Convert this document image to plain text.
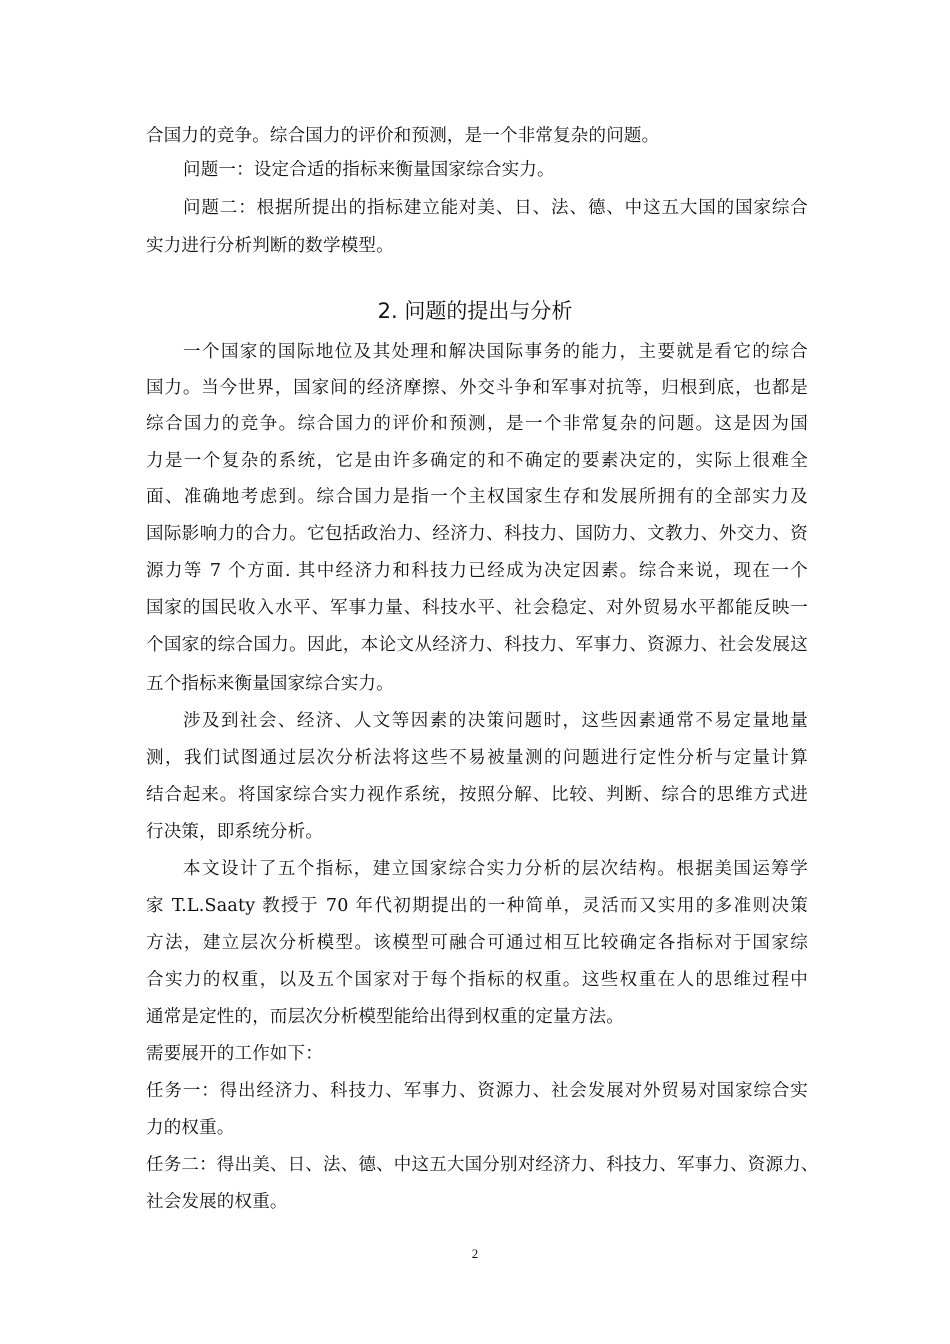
合国力的竞争。综合国力的评价和预测，是一个非常复杂的问题。
问题一：设定合适的指标来衡量国家综合实力。
问题二：根据所提出的指标建立能对美、日、法、德、中这五大国的国家综合
实力进行分析判断的数学模型。
2. 问题的提出与分析
一个国家的国际地位及其处理和解决国际事务的能力，主要就是看它的综合
国力。当今世界，国家间的经济摩擦、外交斗争和军事对抗等，归根到底，也都是
综合国力的竞争。综合国力的评价和预测，是一个非常复杂的问题。这是因为国
力是一个复杂的系统，它是由许多确定的和不确定的要素决定的，实际上很难全
面、准确地考虑到。综合国力是指一个主权国家生存和发展所拥有的全部实力及
国际影响力的合力。它包括政治力、经济力、科技力、国防力、文教力、外交力、资
源力等 7 个方面. 其中经济力和科技力已经成为决定因素。综合来说，现在一个
国家的国民收入水平、军事力量、科技水平、社会稳定、对外贸易水平都能反映一
个国家的综合国力。因此，本论文从经济力、科技力、军事力、资源力、社会发展这
五个指标来衡量国家综合实力。
涉及到社会、经济、人文等因素的决策问题时，这些因素通常不易定量地量
测，我们试图通过层次分析法将这些不易被量测的问题进行定性分析与定量计算
结合起来。将国家综合实力视作系统，按照分解、比较、判断、综合的思维方式进
行决策，即系统分析。
本文设计了五个指标，建立国家综合实力分析的层次结构。根据美国运筹学
家 T.L.Saaty 教授于 70 年代初期提出的一种简单，灵活而又实用的多准则决策
方法，建立层次分析模型。该模型可融合可通过相互比较确定各指标对于国家综
合实力的权重，以及五个国家对于每个指标的权重。这些权重在人的思维过程中
通常是定性的，而层次分析模型能给出得到权重的定量方法。
需要展开的工作如下：
任务一：得出经济力、科技力、军事力、资源力、社会发展对外贸易对国家综合实
力的权重。
任务二：得出美、日、法、德、中这五大国分别对经济力、科技力、军事力、资源力、
社会发展的权重。
2
